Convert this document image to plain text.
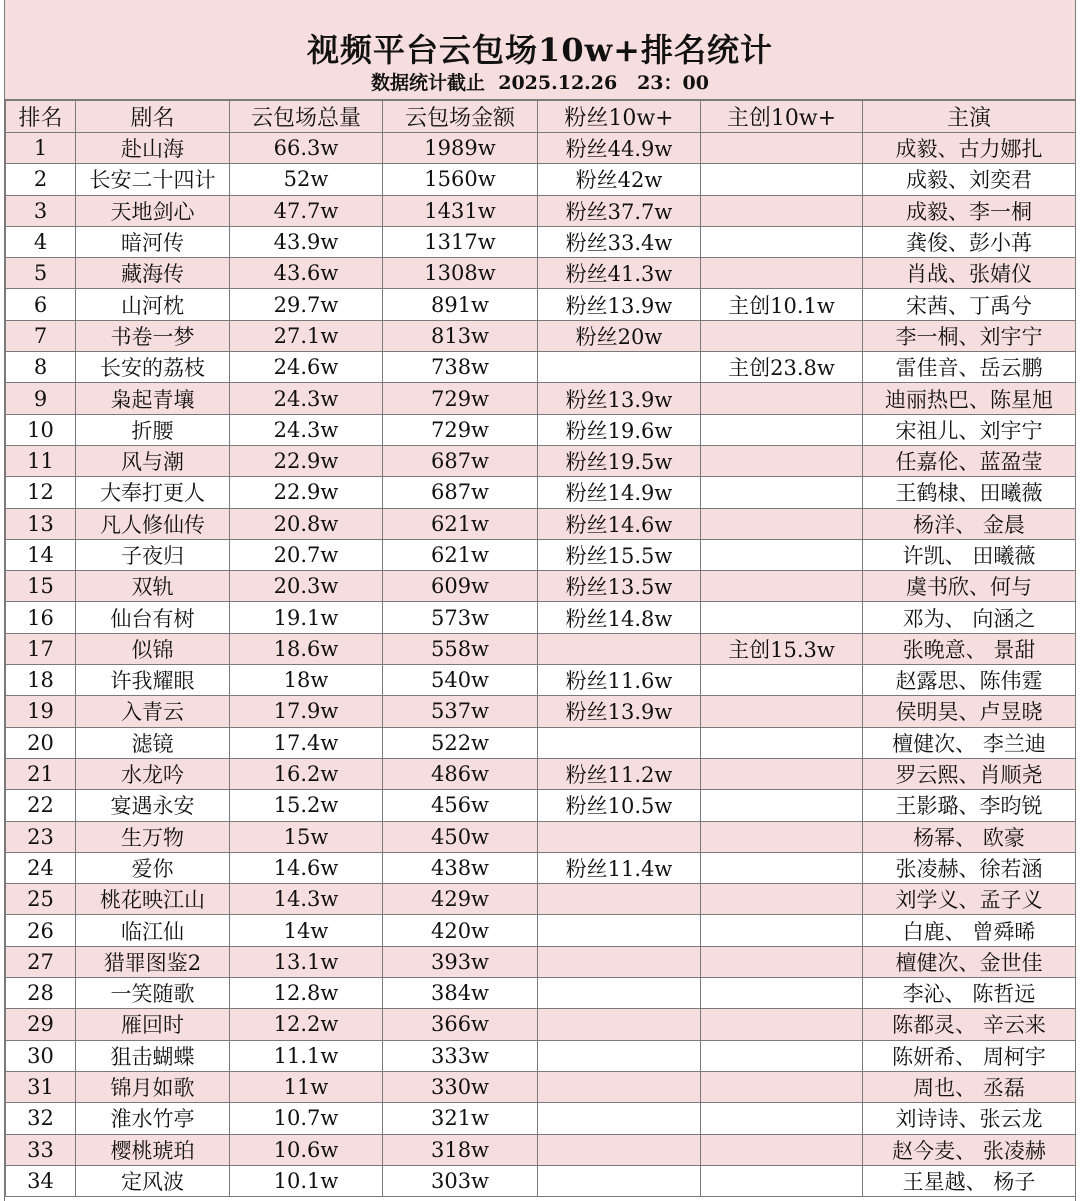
视频平台云包场10w+排名统计
数据统计截止  2025.12.26   23：00
排名	剧名	云包场总量	云包场金额	粉丝10w+	主创10w+	主演
1	赴山海	66.3w	1989w	粉丝44.9w		成毅、古力娜扎
2	长安二十四计	52w	1560w	粉丝42w		成毅、刘奕君
3	天地剑心	47.7w	1431w	粉丝37.7w		成毅、李一桐
4	暗河传	43.9w	1317w	粉丝33.4w		龚俊、彭小苒
5	藏海传	43.6w	1308w	粉丝41.3w		肖战、张婧仪
6	山河枕	29.7w	891w	粉丝13.9w	主创10.1w	宋茜、丁禹兮
7	书卷一梦	27.1w	813w	粉丝20w		李一桐、刘宇宁
8	长安的荔枝	24.6w	738w		主创23.8w	雷佳音、岳云鹏
9	枭起青壤	24.3w	729w	粉丝13.9w		迪丽热巴、陈星旭
10	折腰	24.3w	729w	粉丝19.6w		宋祖儿、刘宇宁
11	风与潮	22.9w	687w	粉丝19.5w		任嘉伦、蓝盈莹
12	大奉打更人	22.9w	687w	粉丝14.9w		王鹤棣、田曦薇
13	凡人修仙传	20.8w	621w	粉丝14.6w		杨洋、 金晨
14	子夜归	20.7w	621w	粉丝15.5w		许凯、 田曦薇
15	双轨	20.3w	609w	粉丝13.5w		虞书欣、何与
16	仙台有树	19.1w	573w	粉丝14.8w		邓为、 向涵之
17	似锦	18.6w	558w		主创15.3w	张晚意、 景甜
18	许我耀眼	18w	540w	粉丝11.6w		赵露思、陈伟霆
19	入青云	17.9w	537w	粉丝13.9w		侯明昊、卢昱晓
20	滤镜	17.4w	522w			檀健次、 李兰迪
21	水龙吟	16.2w	486w	粉丝11.2w		罗云熙、肖顺尧
22	宴遇永安	15.2w	456w	粉丝10.5w		王影璐、李昀锐
23	生万物	15w	450w			杨幂、 欧豪
24	爱你	14.6w	438w	粉丝11.4w		张凌赫、徐若涵
25	桃花映江山	14.3w	429w			刘学义、孟子义
26	临江仙	14w	420w			白鹿、 曾舜晞
27	猎罪图鉴2	13.1w	393w			檀健次、金世佳
28	一笑随歌	12.8w	384w			李沁、 陈哲远
29	雁回时	12.2w	366w			陈都灵、 辛云来
30	狙击蝴蝶	11.1w	333w			陈妍希、 周柯宇
31	锦月如歌	11w	330w			周也、 丞磊
32	淮水竹亭	10.7w	321w			刘诗诗、张云龙
33	樱桃琥珀	10.6w	318w			赵今麦、 张凌赫
34	定风波	10.1w	303w			王星越、 杨子
